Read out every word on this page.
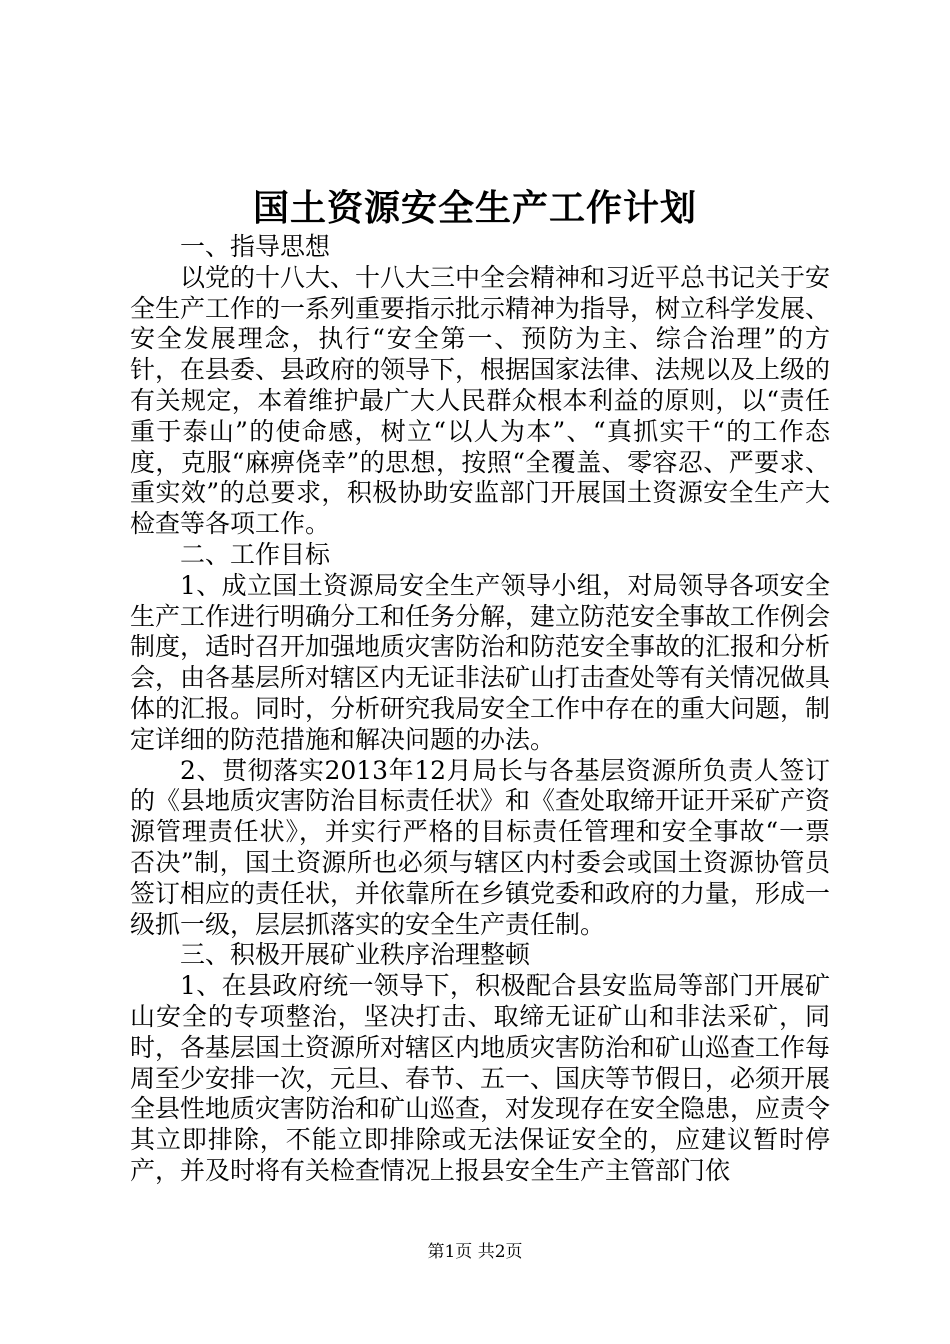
国土资源安全生产工作计划

一、指导思想

以党的十八大、十八大三中全会精神和习近平总书记关于安全生产工作的一系列重要指示批示精神为指导，树立科学发展、安全发展理念，执行“安全第一、预防为主、综合治理”的方针，在县委、县政府的领导下，根据国家法律、法规以及上级的有关规定，本着维护最广大人民群众根本利益的原则，以“责任重于泰山”的使命感，树立“以人为本”、“真抓实干“的工作态度，克服“麻痹侥幸”的思想，按照“全覆盖、零容忍、严要求、重实效”的总要求，积极协助安监部门开展国土资源安全生产大检查等各项工作。

二、工作目标

1、成立国土资源局安全生产领导小组，对局领导各项安全生产工作进行明确分工和任务分解，建立防范安全事故工作例会制度，适时召开加强地质灾害防治和防范安全事故的汇报和分析会，由各基层所对辖区内无证非法矿山打击查处等有关情况做具体的汇报。同时，分析研究我局安全工作中存在的重大问题，制定详细的防范措施和解决问题的办法。

2、贯彻落实2013年12月局长与各基层资源所负责人签订的《县地质灾害防治目标责任状》和《查处取缔开证开采矿产资源管理责任状》，并实行严格的目标责任管理和安全事故“一票否决”制，国土资源所也必须与辖区内村委会或国土资源协管员签订相应的责任状，并依靠所在乡镇党委和政府的力量，形成一级抓一级，层层抓落实的安全生产责任制。

三、积极开展矿业秩序治理整顿

1、在县政府统一领导下，积极配合县安监局等部门开展矿山安全的专项整治，坚决打击、取缔无证矿山和非法采矿，同时，各基层国土资源所对辖区内地质灾害防治和矿山巡查工作每周至少安排一次，元旦、春节、五一、国庆等节假日，必须开展全县性地质灾害防治和矿山巡查，对发现存在安全隐患，应责令其立即排除，不能立即排除或无法保证安全的，应建议暂时停产，并及时将有关检查情况上报县安全生产主管部门依

第1页 共2页
